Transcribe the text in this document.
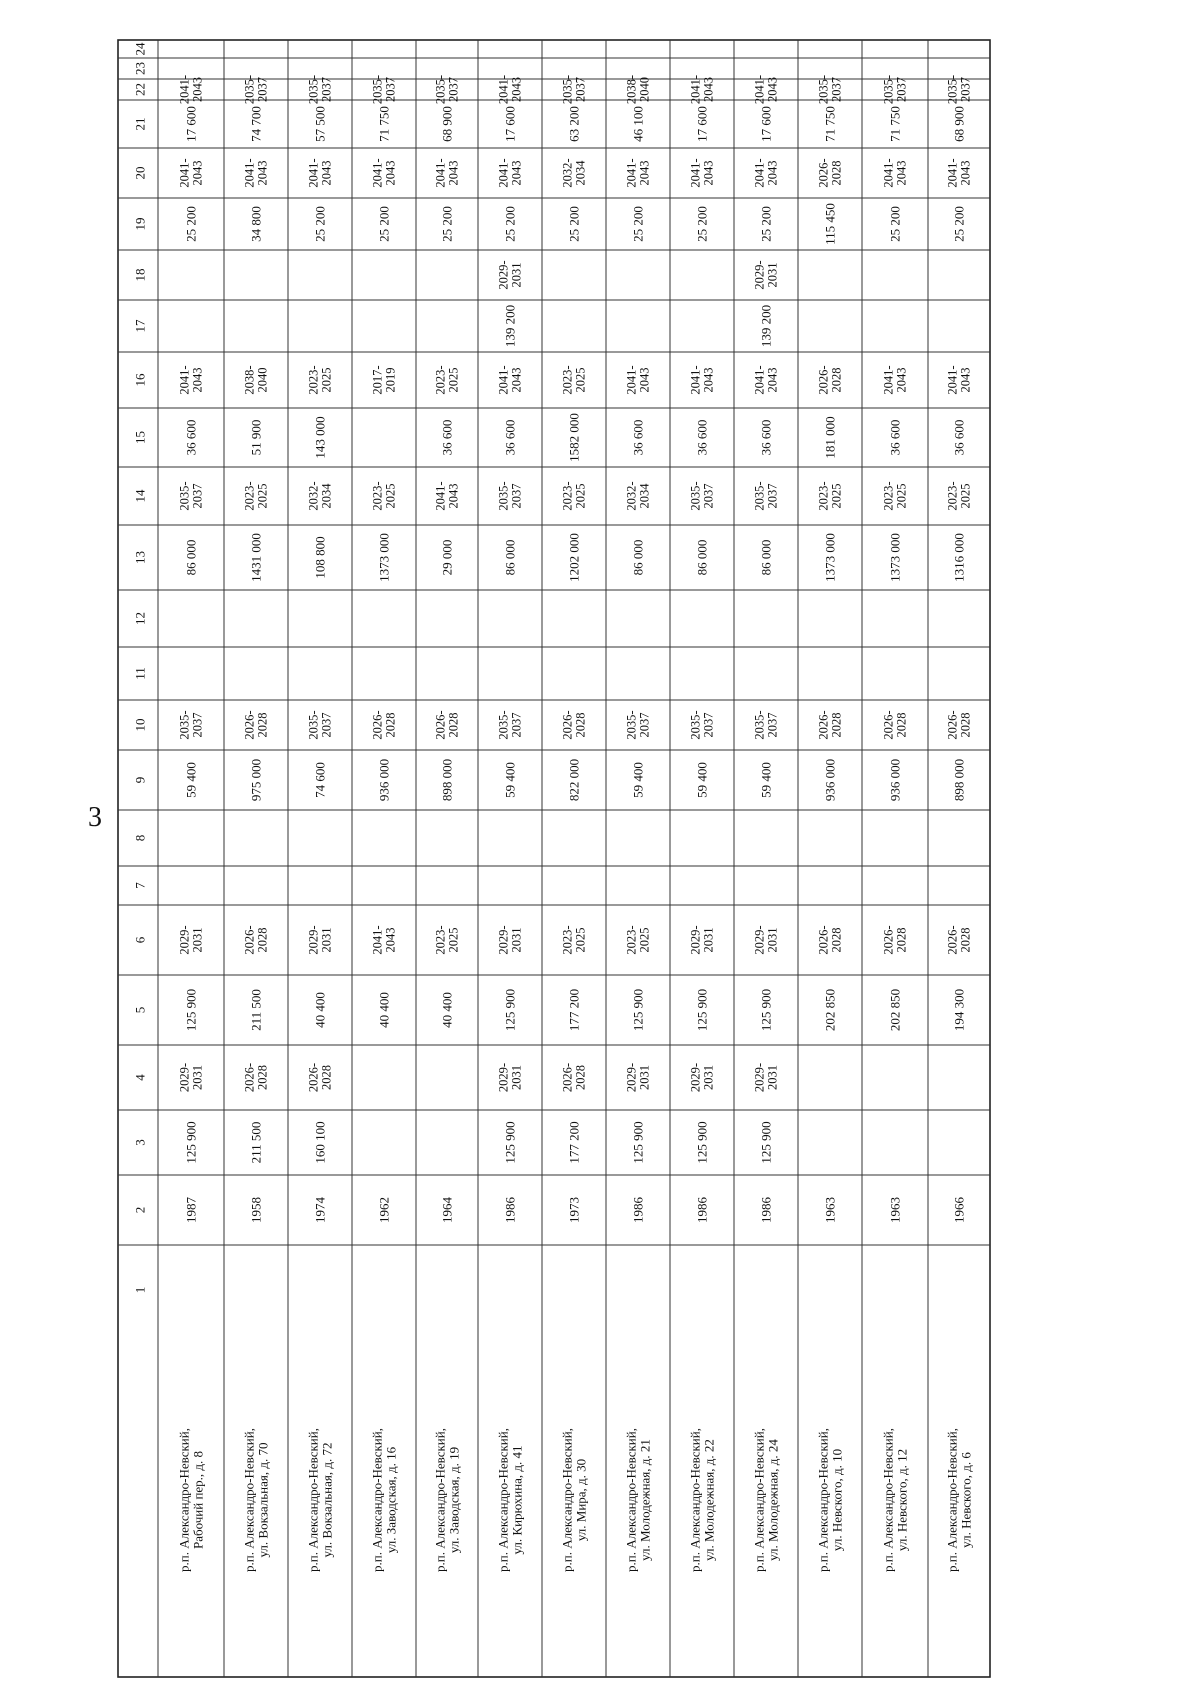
3
1
2
3
4
5
6
7
8
9
10
11
12
13
14
15
16
17
18
19
20
21
22
23
24
р.п. Александро-Невский,
Рабочий пер., д. 8
1987
125 900
2029- 2031
125 900
2029- 2031
59 400
2035- 2037
86 000
2035- 2037
36 600
2041- 2043
25 200
2041- 2043
17 600
2041- 2043
р.п. Александро-Невский,
ул. Вокзальная, д. 70
1958
211 500
2026- 2028
211 500
2026- 2028
975 000
2026- 2028
1431 000
2023- 2025
51 900
2038- 2040
34 800
2041- 2043
74 700
2035- 2037
р.п. Александро-Невский,
ул. Вокзальная, д. 72
1974
160 100
2026- 2028
40 400
2029- 2031
74 600
2035- 2037
108 800
2032- 2034
143 000
2023- 2025
25 200
2041- 2043
57 500
2035- 2037
р.п. Александро-Невский,
ул. Заводская, д. 16
1962
40 400
2041- 2043
936 000
2026- 2028
1373 000
2023- 2025
2017- 2019
25 200
2041- 2043
71 750
2035- 2037
р.п. Александро-Невский,
ул. Заводская, д. 19
1964
40 400
2023- 2025
898 000
2026- 2028
29 000
2041- 2043
36 600
2023- 2025
25 200
2041- 2043
68 900
2035- 2037
р.п. Александро-Невский,
ул. Кирюхина, д. 41
1986
125 900
2029- 2031
125 900
2029- 2031
59 400
2035- 2037
86 000
2035- 2037
36 600
2041- 2043
139 200
2029- 2031
25 200
2041- 2043
17 600
2041- 2043
р.п. Александро-Невский,
ул. Мира, д. 30
1973
177 200
2026- 2028
177 200
2023- 2025
822 000
2026- 2028
1202 000
2023- 2025
1582 000
2023- 2025
25 200
2032- 2034
63 200
2035- 2037
р.п. Александро-Невский,
ул. Молодежная, д. 21
1986
125 900
2029- 2031
125 900
2023- 2025
59 400
2035- 2037
86 000
2032- 2034
36 600
2041- 2043
25 200
2041- 2043
46 100
2038- 2040
р.п. Александро-Невский,
ул. Молодежная, д. 22
1986
125 900
2029- 2031
125 900
2029- 2031
59 400
2035- 2037
86 000
2035- 2037
36 600
2041- 2043
25 200
2041- 2043
17 600
2041- 2043
р.п. Александро-Невский,
ул. Молодежная, д. 24
1986
125 900
2029- 2031
125 900
2029- 2031
59 400
2035- 2037
86 000
2035- 2037
36 600
2041- 2043
139 200
2029- 2031
25 200
2041- 2043
17 600
2041- 2043
р.п. Александро-Невский,
ул. Невского, д. 10
1963
202 850
2026- 2028
936 000
2026- 2028
1373 000
2023- 2025
181 000
2026- 2028
115 450
2026- 2028
71 750
2035- 2037
р.п. Александро-Невский,
ул. Невского, д. 12
1963
202 850
2026- 2028
936 000
2026- 2028
1373 000
2023- 2025
36 600
2041- 2043
25 200
2041- 2043
71 750
2035- 2037
р.п. Александро-Невский,
ул. Невского, д. 6
1966
194 300
2026- 2028
898 000
2026- 2028
1316 000
2023- 2025
36 600
2041- 2043
25 200
2041- 2043
68 900
2035- 2037
